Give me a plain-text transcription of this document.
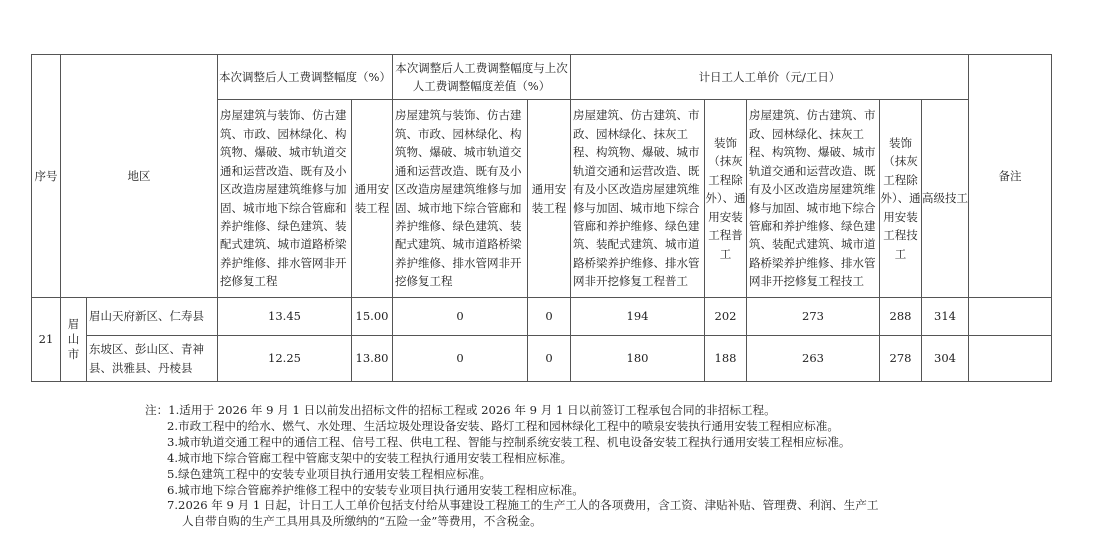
序号	地区		本次调整后人工费调整幅度（%）		本次调整后人工费调整幅度与上次人工费调整幅度差值（%）		计日工人工单价（元/工日）					备注
			房屋建筑与装饰、仿古建筑、市政、园林绿化、构筑物、爆破、城市轨道交通和运营改造、既有及小区改造房屋建筑维修与加固、城市地下综合管廊和养护维修、绿色建筑、装配式建筑、城市道路桥梁养护维修、排水管网非开挖修复工程	通用安装工程	房屋建筑与装饰、仿古建筑、市政、园林绿化、构筑物、爆破、城市轨道交通和运营改造、既有及小区改造房屋建筑维修与加固、城市地下综合管廊和养护维修、绿色建筑、装配式建筑、城市道路桥梁养护维修、排水管网非开挖修复工程	通用安装工程	房屋建筑、仿古建筑、市政、园林绿化、抹灰工程、构筑物、爆破、城市轨道交通和运营改造、既有及小区改造房屋建筑维修与加固、城市地下综合管廊和养护维修、绿色建筑、装配式建筑、城市道路桥梁养护维修、排水管网非开挖修复工程普工	装饰（抹灰工程除外）、通用安装工程普工	房屋建筑、仿古建筑、市政、园林绿化、抹灰工程、构筑物、爆破、城市轨道交通和运营改造、既有及小区改造房屋建筑维修与加固、城市地下综合管廊和养护维修、绿色建筑、装配式建筑、城市道路桥梁养护维修、排水管网非开挖修复工程技工	装饰（抹灰工程除外）、通用安装工程技工	高级技工	
21	眉山市	眉山天府新区、仁寿县	13.45	15.00	0	0	194	202	273	288	314	
		东坡区、彭山区、青神县、洪雅县、丹棱县	12.25	13.80	0	0	180	188	263	278	304	
注：1.适用于 2026 年 9 月 1 日以前发出招标文件的招标工程或 2026 年 9 月 1 日以前签订工程承包合同的非招标工程。
2.市政工程中的给水、燃气、水处理、生活垃圾处理设备安装、路灯工程和园林绿化工程中的喷泉安装执行通用安装工程相应标准。
3.城市轨道交通工程中的通信工程、信号工程、供电工程、智能与控制系统安装工程、机电设备安装工程执行通用安装工程相应标准。
4.城市地下综合管廊工程中管廊支架中的安装工程执行通用安装工程相应标准。
5.绿色建筑工程中的安装专业项目执行通用安装工程相应标准。
6.城市地下综合管廊养护维修工程中的安装专业项目执行通用安装工程相应标准。
7.2026 年 9 月 1 日起，计日工人工单价包括支付给从事建设工程施工的生产工人的各项费用，含工资、津贴补贴、管理费、利润、生产工
人自带自购的生产工具用具及所缴纳的“五险一金”等费用，不含税金。
